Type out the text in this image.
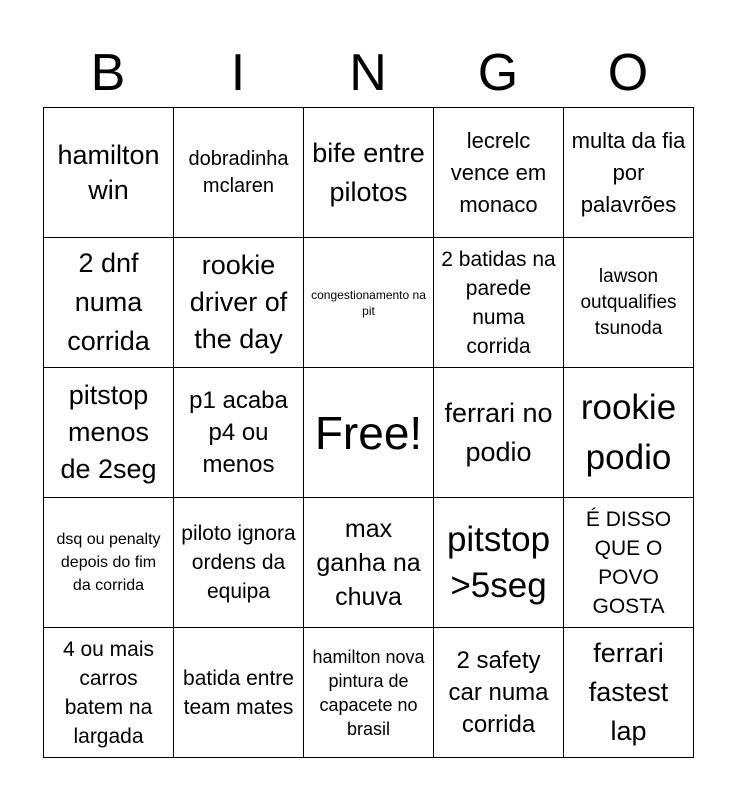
B	I	N	G	O
hamilton win	dobradinha mclaren	bife entre pilotos	lecrelc vence em monaco	multa da fia por palavrões

2 dnf numa corrida	rookie driver of the day	congestionamento na pit	2 batidas na parede numa corrida	lawson outqualifies tsunoda

pitstop menos de 2seg	p1 acaba p4 ou menos	Free!	ferrari no podio	rookie podio

dsq ou penalty depois do fim da corrida	piloto ignora ordens da equipa	max ganha na chuva	pitstop >5seg	É DISSO QUE O POVO GOSTA

4 ou mais carros batem na largada	batida entre team mates	hamilton nova pintura de capacete no brasil	2 safety car numa corrida	ferrari fastest lap
